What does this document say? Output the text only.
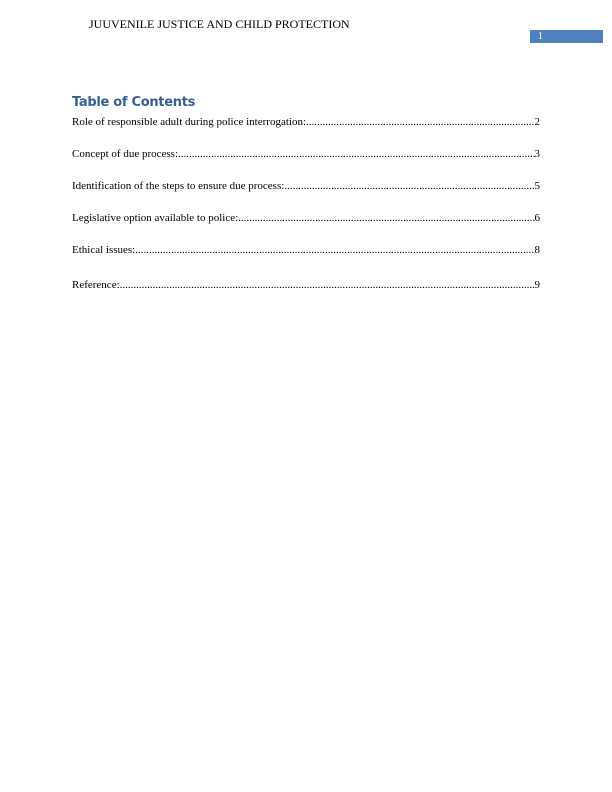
JUUVENILE JUSTICE AND CHILD PROTECTION
1
Table of Contents
Role of responsible adult during police interrogation: .....	2
Concept of due process: .....	3
Identification of the steps to ensure due process: .....	5
Legislative option available to police: .....	6
Ethical issues: .....	8
Reference: .....	9
